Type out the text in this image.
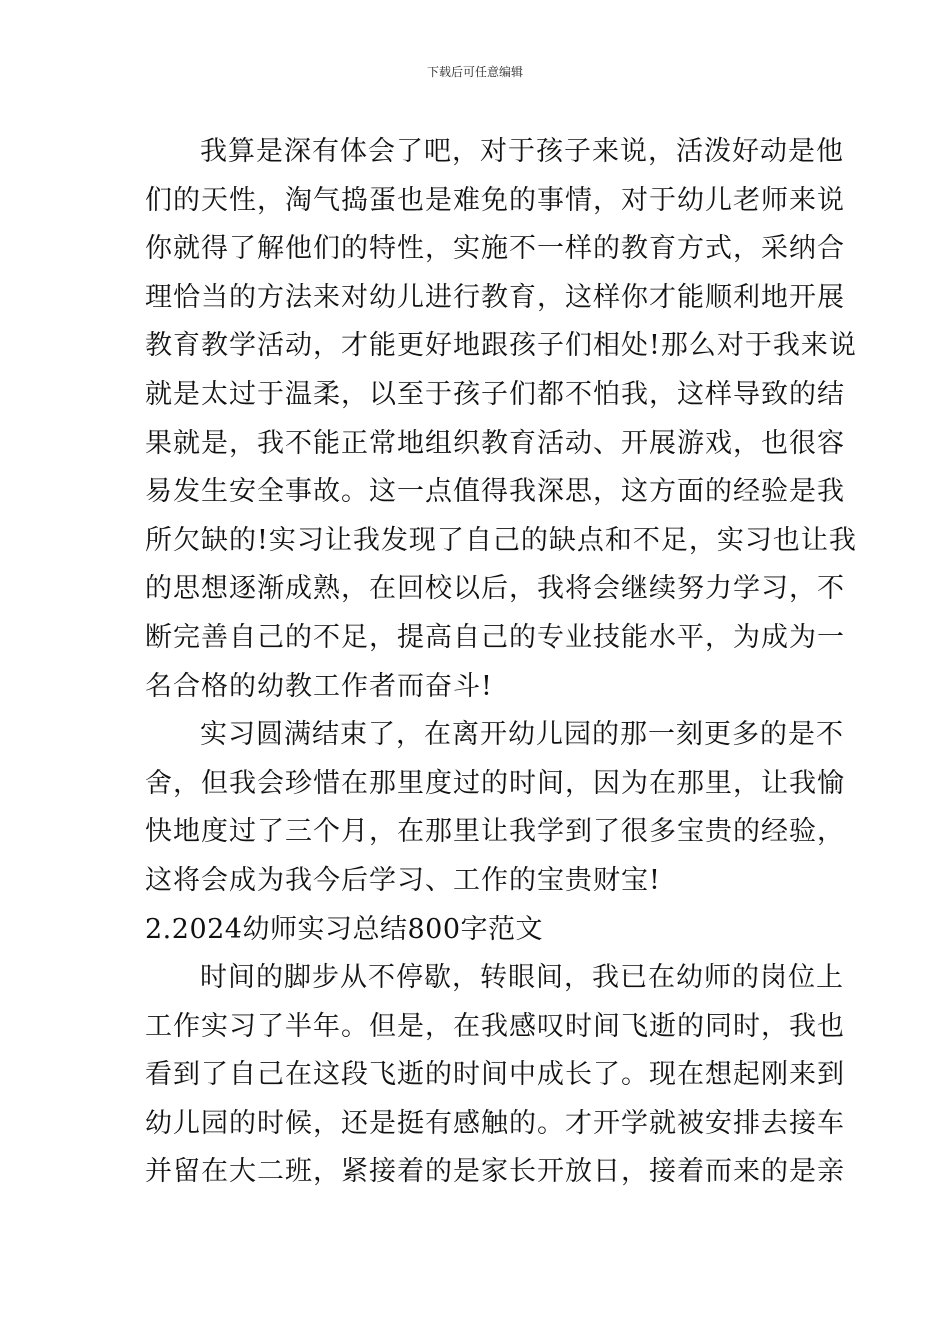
下载后可任意编辑
我算是深有体会了吧，对于孩子来说，活泼好动是他
们的天性，淘气捣蛋也是难免的事情，对于幼儿老师来说
你就得了解他们的特性，实施不一样的教育方式，采纳合
理恰当的方法来对幼儿进行教育，这样你才能顺利地开展
教育教学活动，才能更好地跟孩子们相处!那么对于我来说
就是太过于温柔，以至于孩子们都不怕我，这样导致的结
果就是，我不能正常地组织教育活动、开展游戏，也很容
易发生安全事故。这一点值得我深思，这方面的经验是我
所欠缺的!实习让我发现了自己的缺点和不足，实习也让我
的思想逐渐成熟，在回校以后，我将会继续努力学习，不
断完善自己的不足，提高自己的专业技能水平，为成为一
名合格的幼教工作者而奋斗!
实习圆满结束了，在离开幼儿园的那一刻更多的是不
舍，但我会珍惜在那里度过的时间，因为在那里，让我愉
快地度过了三个月，在那里让我学到了很多宝贵的经验，
这将会成为我今后学习、工作的宝贵财宝!
2.2024幼师实习总结800字范文
时间的脚步从不停歇，转眼间，我已在幼师的岗位上
工作实习了半年。但是，在我感叹时间飞逝的同时，我也
看到了自己在这段飞逝的时间中成长了。现在想起刚来到
幼儿园的时候，还是挺有感触的。才开学就被安排去接车
并留在大二班，紧接着的是家长开放日，接着而来的是亲
